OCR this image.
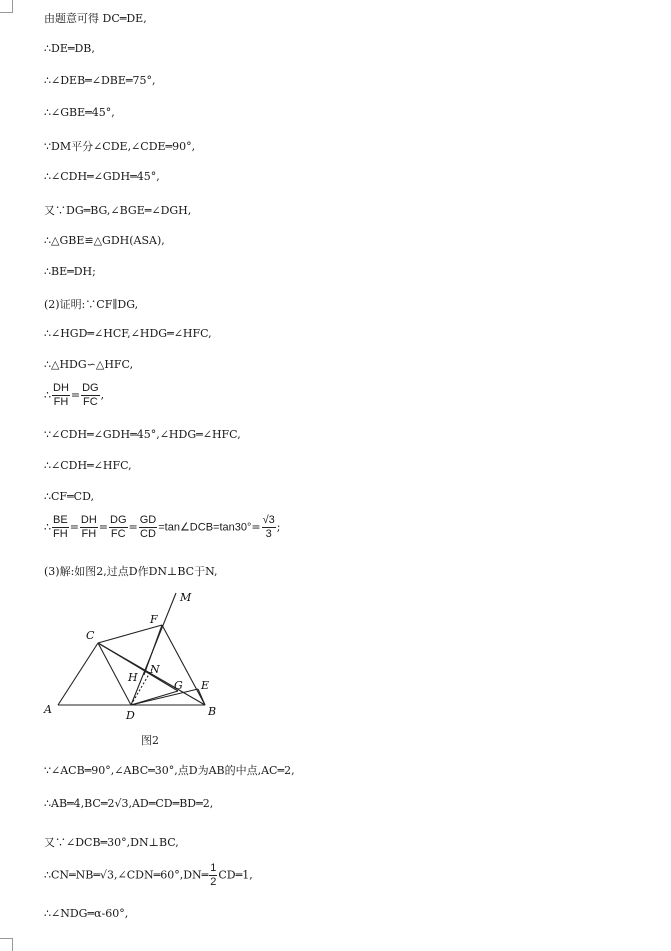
由题意可得 DC═DE,
∴DE═DB,
∴∠DEB═∠DBE═75°,
∴∠GBE═45°,
∵DM平分∠CDE,∠CDE═90°,
∴∠CDH═∠GDH═45°,
又∵DG═BG,∠BGE═∠DGH,
∴△GBE≌△GDH(ASA),
∴BE═DH;
(2)证明:∵CF∥DG,
∴∠HGD═∠HCF,∠HDG═∠HFC,
∴△HDG∽△HFC,
∴ $\frac{DH}{FH} = \frac{DG}{FC}$ ,
∵∠CDH═∠GDH═45°,∠HDG═∠HFC,
∴∠CDH═∠HFC,
∴CF═CD,
∴ $\frac{BE}{FH} = \frac{DH}{FH} = \frac{DG}{FC} = \frac{GD}{CD}$ =tan∠DCB=tan30°= $\frac{√3}{3}$ ;
(3)解:如图2,过点D作DN⊥BC于N,
A	B
C
D
E
F
G
H
M
N
图2
∵∠ACB═90°,∠ABC═30°,点D为AB的中点,AC═2,
∴AB═4,BC═2√3,AD═CD═BD═2,
又∵∠DCB═30°,DN⊥BC,
∴CN═NB═√3,∠CDN═60°,DN═ $\frac{1}{2}$ CD═1,
∴∠NDG═α-60°,
